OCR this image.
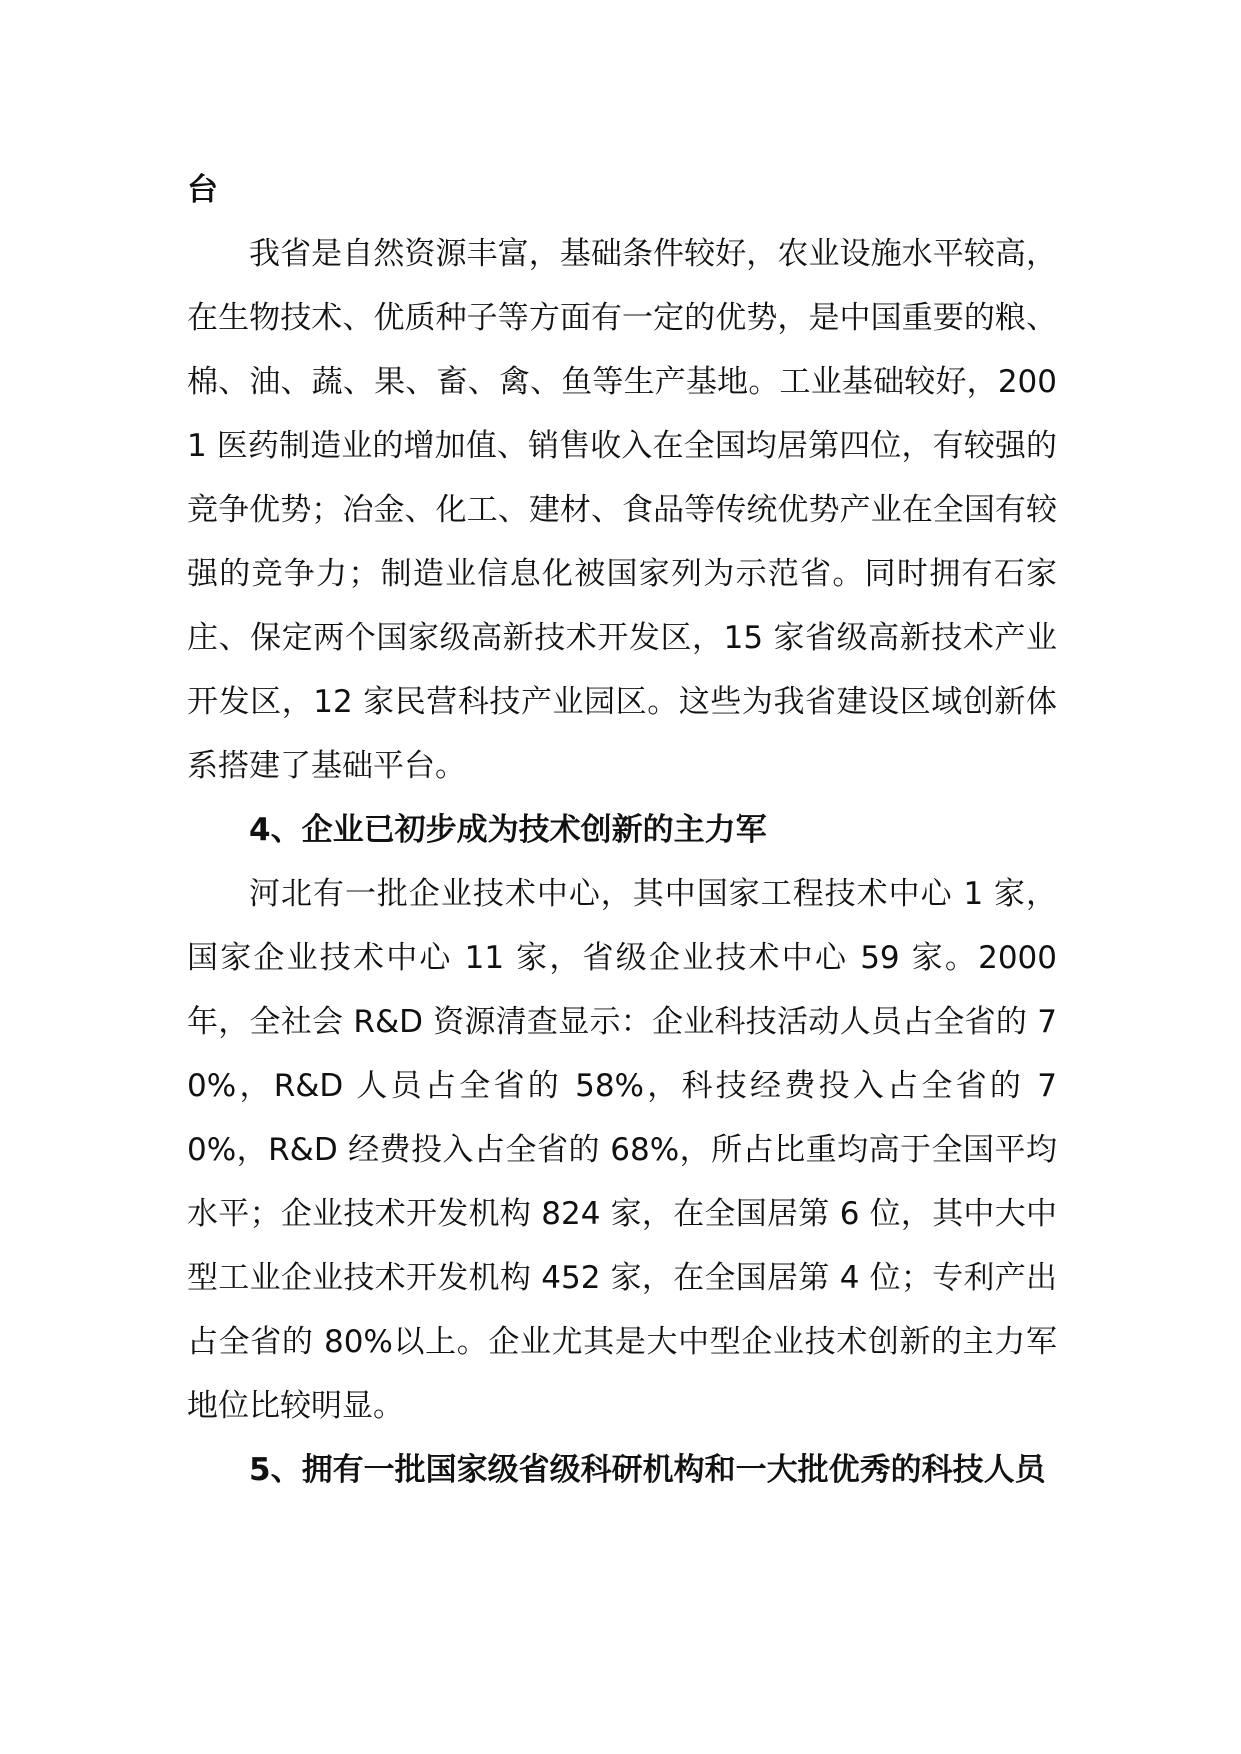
台

我省是自然资源丰富，基础条件较好，农业设施水平较高，在生物技术、优质种子等方面有一定的优势，是中国重要的粮、棉、油、蔬、果、畜、禽、鱼等生产基地。工业基础较好，2001 医药制造业的增加值、销售收入在全国均居第四位，有较强的竞争优势；冶金、化工、建材、食品等传统优势产业在全国有较强的竞争力；制造业信息化被国家列为示范省。同时拥有石家庄、保定两个国家级高新技术开发区，15 家省级高新技术产业开发区，12 家民营科技产业园区。这些为我省建设区域创新体系搭建了基础平台。

4、企业已初步成为技术创新的主力军

河北有一批企业技术中心，其中国家工程技术中心 1 家，国家企业技术中心 11 家，省级企业技术中心 59 家。2000 年，全社会 R&D 资源清查显示：企业科技活动人员占全省的 70%，R&D 人员占全省的 58%，科技经费投入占全省的 70%，R&D 经费投入占全省的 68%，所占比重均高于全国平均水平；企业技术开发机构 824 家，在全国居第 6 位，其中大中型工业企业技术开发机构 452 家，在全国居第 4 位；专利产出占全省的 80%以上。企业尤其是大中型企业技术创新的主力军地位比较明显。

5、拥有一批国家级省级科研机构和一大批优秀的科技人员
